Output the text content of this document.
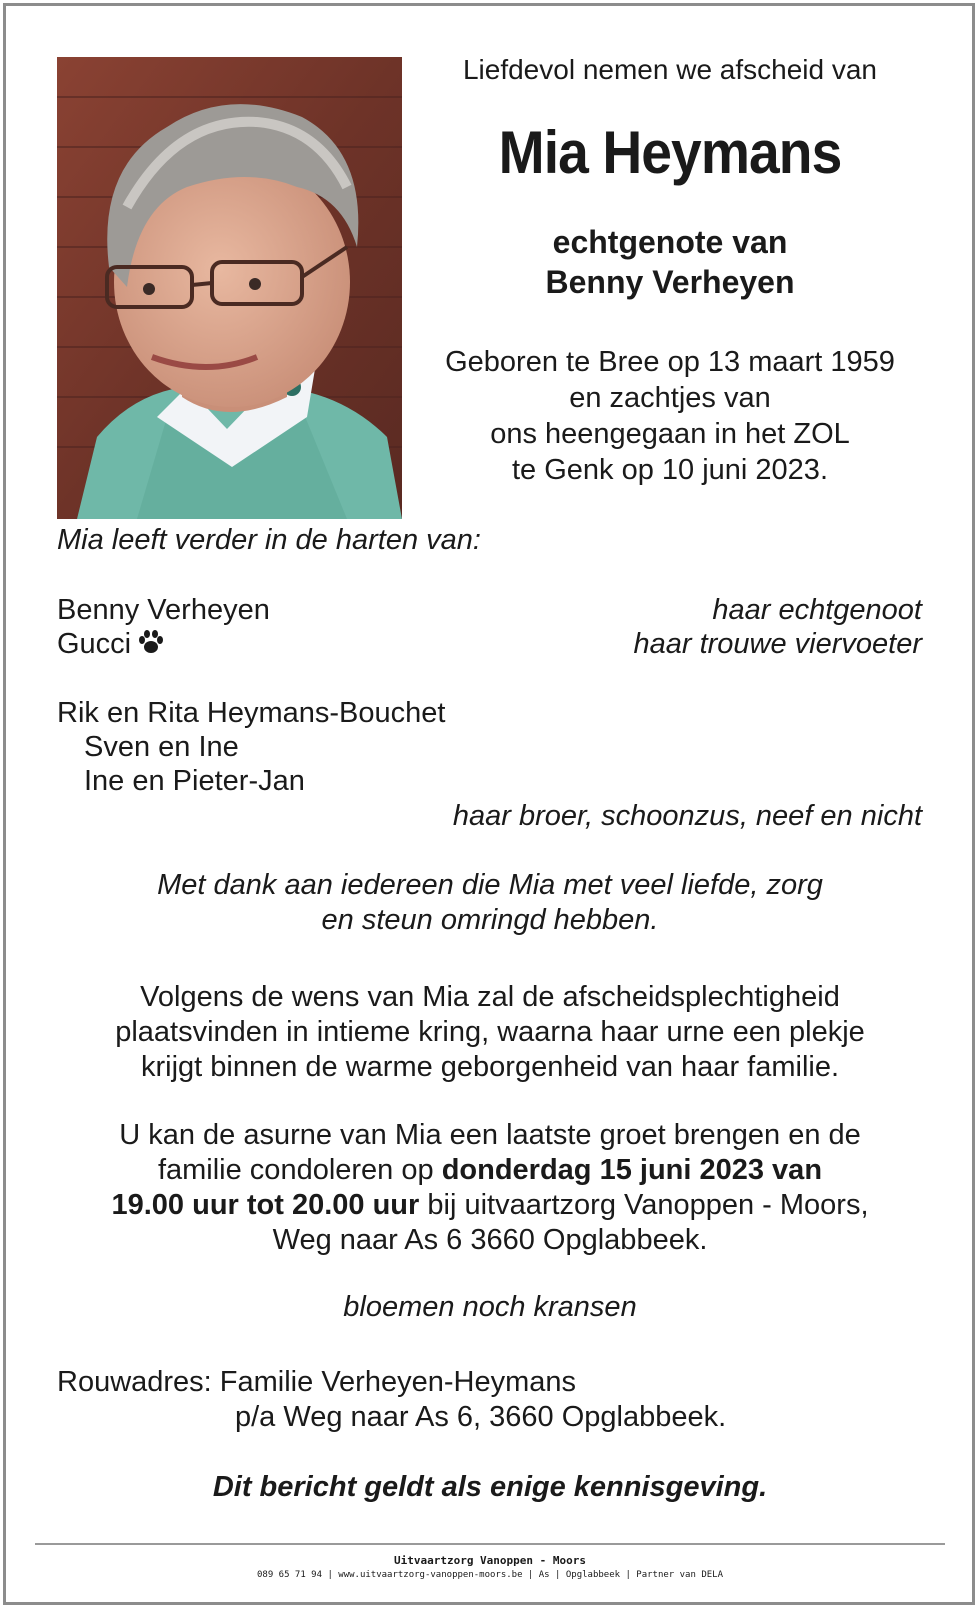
Liefdevol nemen we afscheid van
Mia Heymans
echtgenote van
Benny Verheyen
Geboren te Bree op 13 maart 1959
en zachtjes van
ons heengegaan in het ZOL
te Genk op 10 juni 2023.
Mia leeft verder in de harten van:
Benny Verheyen	haar echtgenoot
Gucci	haar trouwe viervoeter
Rik en Rita Heymans-Bouchet
Sven en Ine
Ine en Pieter-Jan
haar broer, schoonzus, neef en nicht
Met dank aan iedereen die Mia met veel liefde, zorg
en steun omringd hebben.
Volgens de wens van Mia zal de afscheidsplechtigheid
plaatsvinden in intieme kring, waarna haar urne een plekje
krijgt binnen de warme geborgenheid van haar familie.
U kan de asurne van Mia een laatste groet brengen en de
familie condoleren op donderdag 15 juni 2023 van
19.00 uur tot 20.00 uur bij uitvaartzorg Vanoppen - Moors,
Weg naar As 6 3660 Opglabbeek.
bloemen noch kransen
Rouwadres: Familie Verheyen-Heymans
p/a Weg naar As 6, 3660 Opglabbeek.
Dit bericht geldt als enige kennisgeving.
Uitvaartzorg Vanoppen - Moors
089 65 71 94 | www.uitvaartzorg-vanoppen-moors.be | As | Opglabbeek | Partner van DELA
